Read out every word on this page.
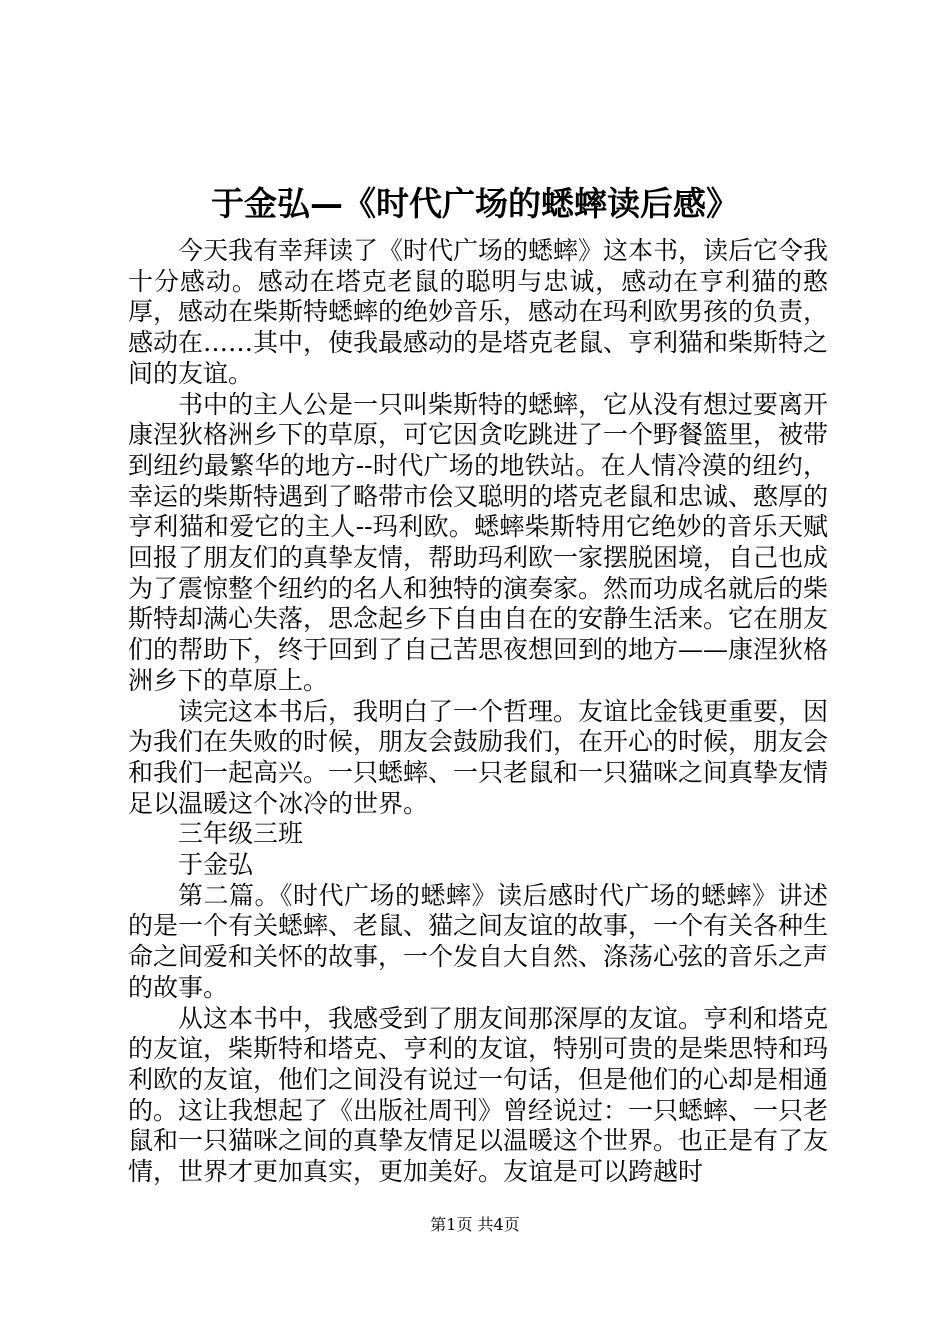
于金弘—《时代广场的蟋蟀读后感》

今天我有幸拜读了《时代广场的蟋蟀》这本书，读后它令我十分感动。感动在塔克老鼠的聪明与忠诚，感动在亨利猫的憨厚，感动在柴斯特蟋蟀的绝妙音乐，感动在玛利欧男孩的负责，感动在……其中，使我最感动的是塔克老鼠、亨利猫和柴斯特之间的友谊。

书中的主人公是一只叫柴斯特的蟋蟀，它从没有想过要离开康涅狄格洲乡下的草原，可它因贪吃跳进了一个野餐篮里，被带到纽约最繁华的地方--时代广场的地铁站。在人情冷漠的纽约，幸运的柴斯特遇到了略带市侩又聪明的塔克老鼠和忠诚、憨厚的亨利猫和爱它的主人--玛利欧。蟋蟀柴斯特用它绝妙的音乐天赋回报了朋友们的真挚友情，帮助玛利欧一家摆脱困境，自己也成为了震惊整个纽约的名人和独特的演奏家。然而功成名就后的柴斯特却满心失落，思念起乡下自由自在的安静生活来。它在朋友们的帮助下，终于回到了自己苦思夜想回到的地方——康涅狄格洲乡下的草原上。

读完这本书后，我明白了一个哲理。友谊比金钱更重要，因为我们在失败的时候，朋友会鼓励我们，在开心的时候，朋友会和我们一起高兴。一只蟋蟀、一只老鼠和一只猫咪之间真挚友情足以温暖这个冰冷的世界。

三年级三班

于金弘

第二篇。《时代广场的蟋蟀》读后感时代广场的蟋蟀》讲述的是一个有关蟋蟀、老鼠、猫之间友谊的故事，一个有关各种生命之间爱和关怀的故事，一个发自大自然、涤荡心弦的音乐之声的故事。

从这本书中，我感受到了朋友间那深厚的友谊。亨利和塔克的友谊，柴斯特和塔克、亨利的友谊，特别可贵的是柴思特和玛利欧的友谊，他们之间没有说过一句话，但是他们的心却是相通的。这让我想起了《出版社周刊》曾经说过：一只蟋蟀、一只老鼠和一只猫咪之间的真挚友情足以温暖这个世界。也正是有了友情，世界才更加真实，更加美好。友谊是可以跨越时

第1页 共4页
